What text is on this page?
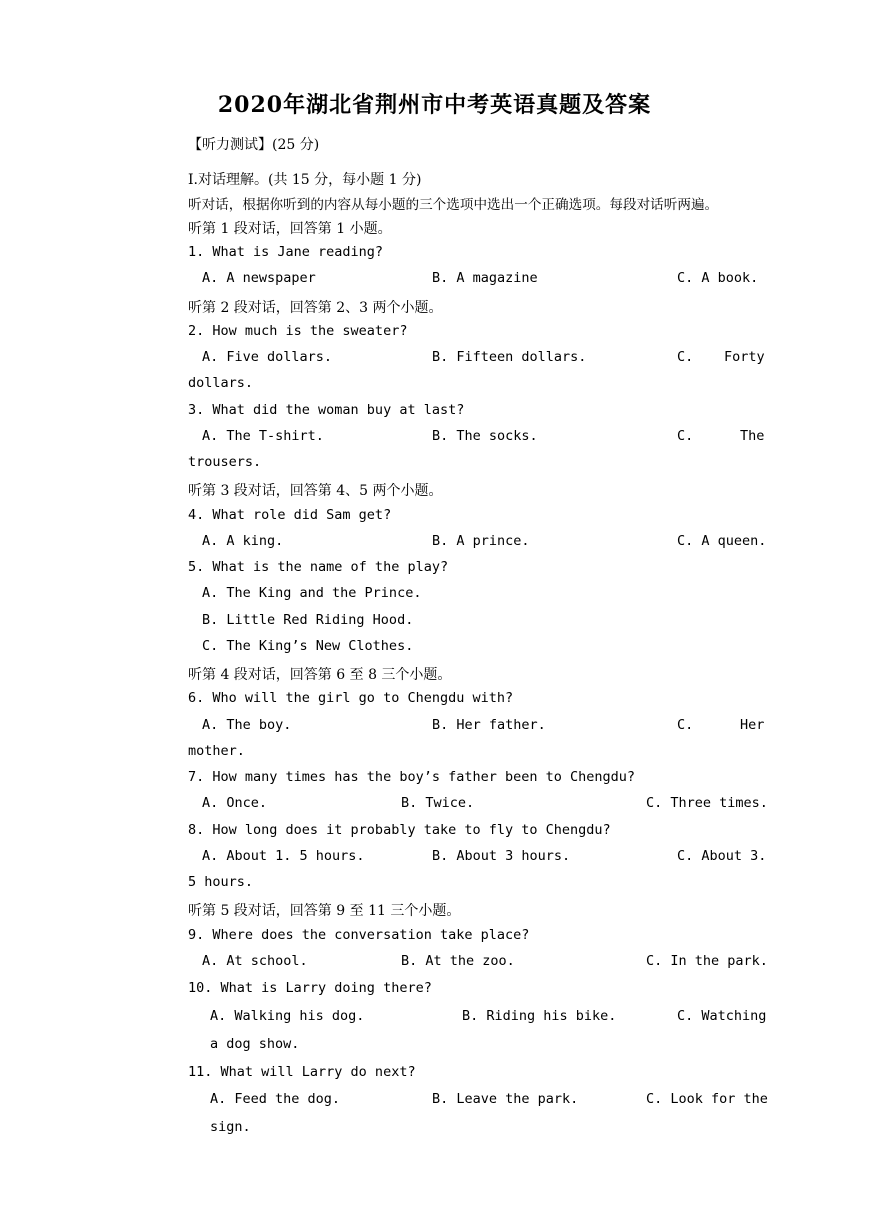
2020年湖北省荆州市中考英语真题及答案
【听力测试】(25 分)
I.对话理解。(共 15 分，每小题 1 分)
听对话，根据你听到的内容从每小题的三个选项中选出一个正确选项。每段对话听两遍。
听第 1 段对话，回答第 1 小题。
1. What is Jane reading?
A. A newspaper	B. A magazine	C. A book.
听第 2 段对话，回答第 2、3 两个小题。
2. How much is the sweater?
A. Five dollars.	B. Fifteen dollars.	C. Forty
dollars.
3. What did the woman buy at last?
A. The T-shirt.	B. The socks.	C.	The
trousers.
听第 3 段对话，回答第 4、5 两个小题。
4. What role did Sam get?
A. A king.	B. A prince.	C. A queen.
5. What is the name of the play?
A. The King and the Prince.
B. Little Red Riding Hood.
C. The King’s New Clothes.
听第 4 段对话，回答第 6 至 8 三个小题。
6. Who will the girl go to Chengdu with?
A. The boy.	B. Her father.	C.	Her
mother.
7. How many times has the boy’s father been to Chengdu?
A. Once.	B. Twice.	C. Three times.
8. How long does it probably take to fly to Chengdu?
A. About 1. 5 hours.	B. About 3 hours.	C. About 3.
5 hours.
听第 5 段对话，回答第 9 至 11 三个小题。
9. Where does the conversation take place?
A. At school.	B. At the zoo.	C. In the park.
10. What is Larry doing there?
A. Walking his dog.	B. Riding his bike.	C. Watching
a dog show.
11. What will Larry do next?
A. Feed the dog.	B. Leave the park.	C. Look for the
sign.
